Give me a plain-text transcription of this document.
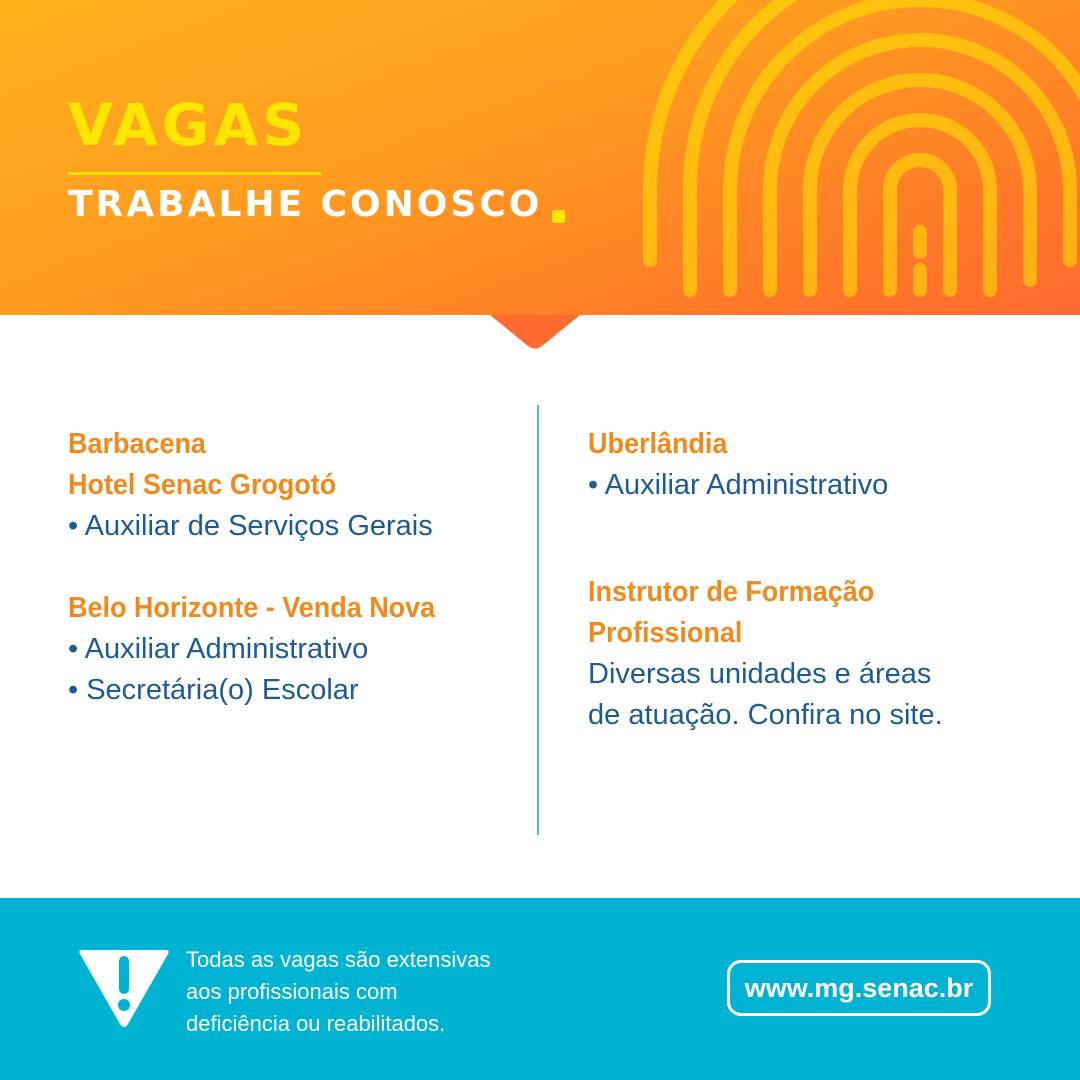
VAGAS
TRABALHE CONOSCO

Barbacena

Hotel Senac Grogotó

• Auxiliar de Serviços Gerais

Belo Horizonte - Venda Nova

• Auxiliar Administrativo

• Secretária(o) Escolar

Uberlândia

• Auxiliar Administrativo

Instrutor de Formação

Profissional

Diversas unidades e áreas

de atuação. Confira no site.

Todas as vagas são extensivas
aos profissionais com
deficiência ou reabilitados.
www.mg.senac.br
